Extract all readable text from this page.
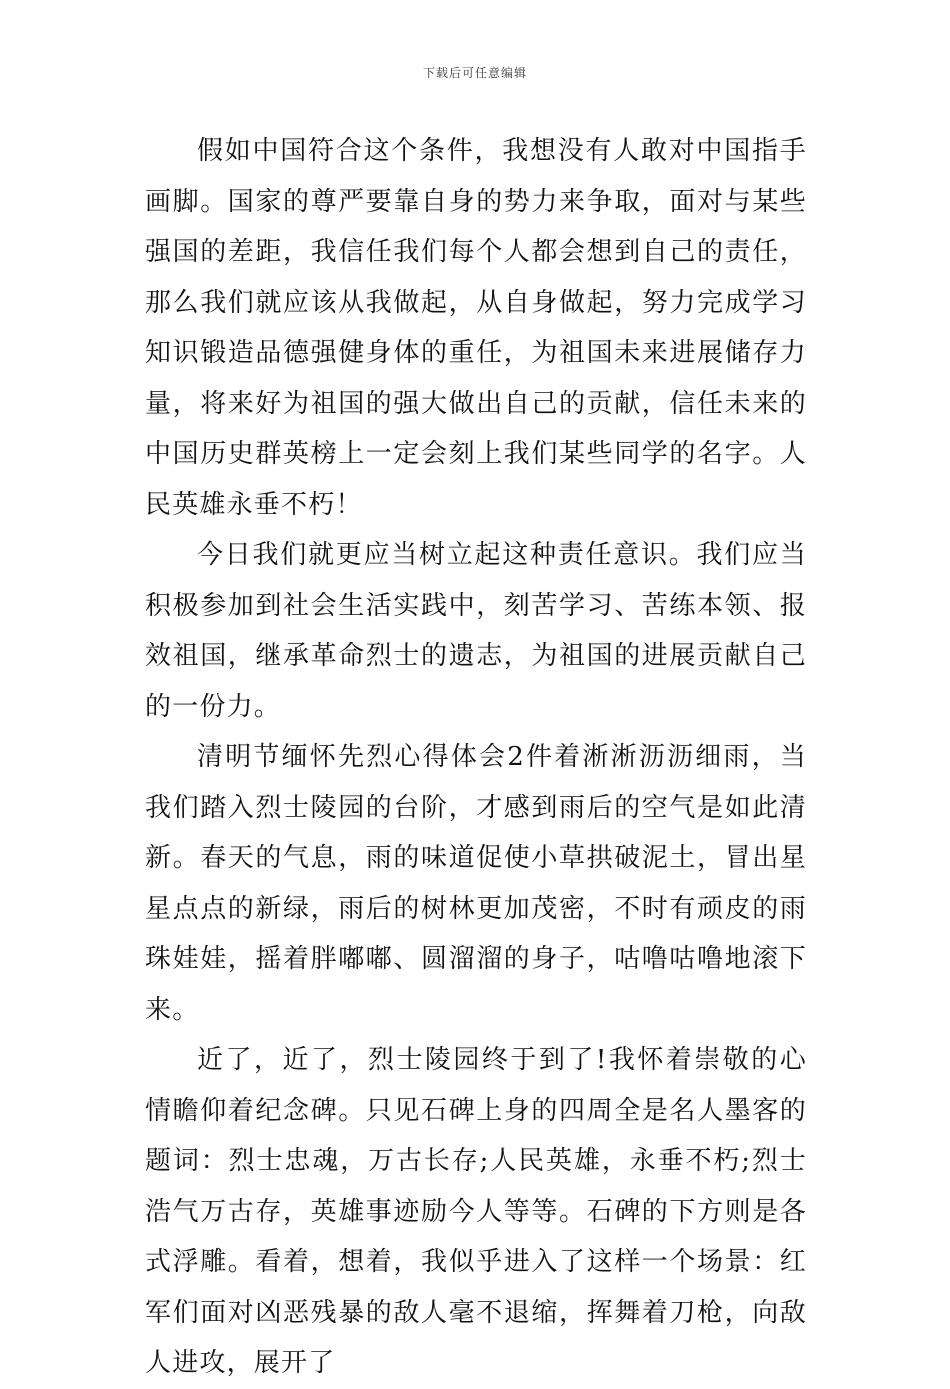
下载后可任意编辑

假如中国符合这个条件，我想没有人敢对中国指手画脚。国家的尊严要靠自身的势力来争取，面对与某些强国的差距，我信任我们每个人都会想到自己的责任，那么我们就应该从我做起，从自身做起，努力完成学习知识锻造品德强健身体的重任，为祖国未来进展储存力量，将来好为祖国的强大做出自己的贡献，信任未来的中国历史群英榜上一定会刻上我们某些同学的名字。人民英雄永垂不朽！

今日我们就更应当树立起这种责任意识。我们应当积极参加到社会生活实践中，刻苦学习、苦练本领、报效祖国，继承革命烈士的遗志，为祖国的进展贡献自己的一份力。

清明节缅怀先烈心得体会2件着淅淅沥沥细雨，当我们踏入烈士陵园的台阶，才感到雨后的空气是如此清新。春天的气息，雨的味道促使小草拱破泥土，冒出星星点点的新绿，雨后的树林更加茂密，不时有顽皮的雨珠娃娃，摇着胖嘟嘟、圆溜溜的身子，咕噜咕噜地滚下来。

近了，近了，烈士陵园终于到了!我怀着崇敬的心情瞻仰着纪念碑。只见石碑上身的四周全是名人墨客的题词：烈士忠魂，万古长存;人民英雄，永垂不朽;烈士浩气万古存，英雄事迹励今人等等。石碑的下方则是各式浮雕。看着，想着，我似乎进入了这样一个场景：红军们面对凶恶残暴的敌人毫不退缩，挥舞着刀枪，向敌人进攻，展开了
